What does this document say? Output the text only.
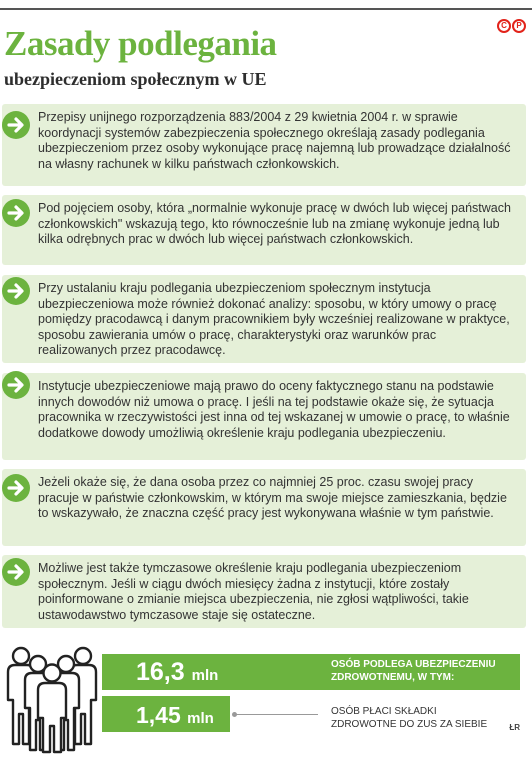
C	P
Zasady podlegania
ubezpieczeniom społecznym w UE

Przepisy unijnego rozporządzenia 883/2004 z 29 kwietnia 2004 r. w sprawie koordynacji systemów zabezpieczenia społecznego określają zasady podlegania ubezpieczeniom przez osoby wykonujące pracę najemną lub prowadzące działalność na własny rachunek w kilku państwach członkowskich.

Pod pojęciem osoby, która „normalnie wykonuje pracę w dwóch lub więcej państwach członkowskich" wskazują tego, kto równocześnie lub na zmianę wykonuje jedną lub kilka odrębnych prac w dwóch lub więcej państwach członkowskich.

Przy ustalaniu kraju podlegania ubezpieczeniom społecznym instytucja ubezpieczeniowa może również dokonać analizy: sposobu, w który umowy o pracę pomiędzy pracodawcą i danym pracownikiem były wcześniej realizowane w praktyce, sposobu zawierania umów o pracę, charakterystyki oraz warunków prac realizowanych przez pracodawcę.

Instytucje ubezpieczeniowe mają prawo do oceny faktycznego stanu na podstawie innych dowodów niż umowa o pracę. I jeśli na tej podstawie okaże się, że sytuacja pracownika w rzeczywistości jest inna od tej wskazanej w umowie o pracę, to właśnie dodatkowe dowody umożliwią określenie kraju podlegania ubezpieczeniu.

Jeżeli okaże się, że dana osoba przez co najmniej 25 proc. czasu swojej pracy pracuje w państwie członkowskim, w którym ma swoje miejsce zamieszkania, będzie to wskazywało, że znaczna część pracy jest wykonywana właśnie w tym państwie.

Możliwe jest także tymczasowe określenie kraju podlegania ubezpieczeniom społecznym. Jeśli w ciągu dwóch miesięcy żadna z instytucji, które zostały poinformowane o zmianie miejsca ubezpieczenia, nie zgłosi wątpliwości, takie ustawodawstwo tymczasowe staje się ostateczne.

16,3 mln
OSÓB PODLEGA UBEZPIECZENIU ZDROWOTNEMU, W TYM:
1,45 mln	OSÓB PŁACI SKŁADKI
ZDROWOTNE DO ZUS ZA SIEBIE	ŁR
